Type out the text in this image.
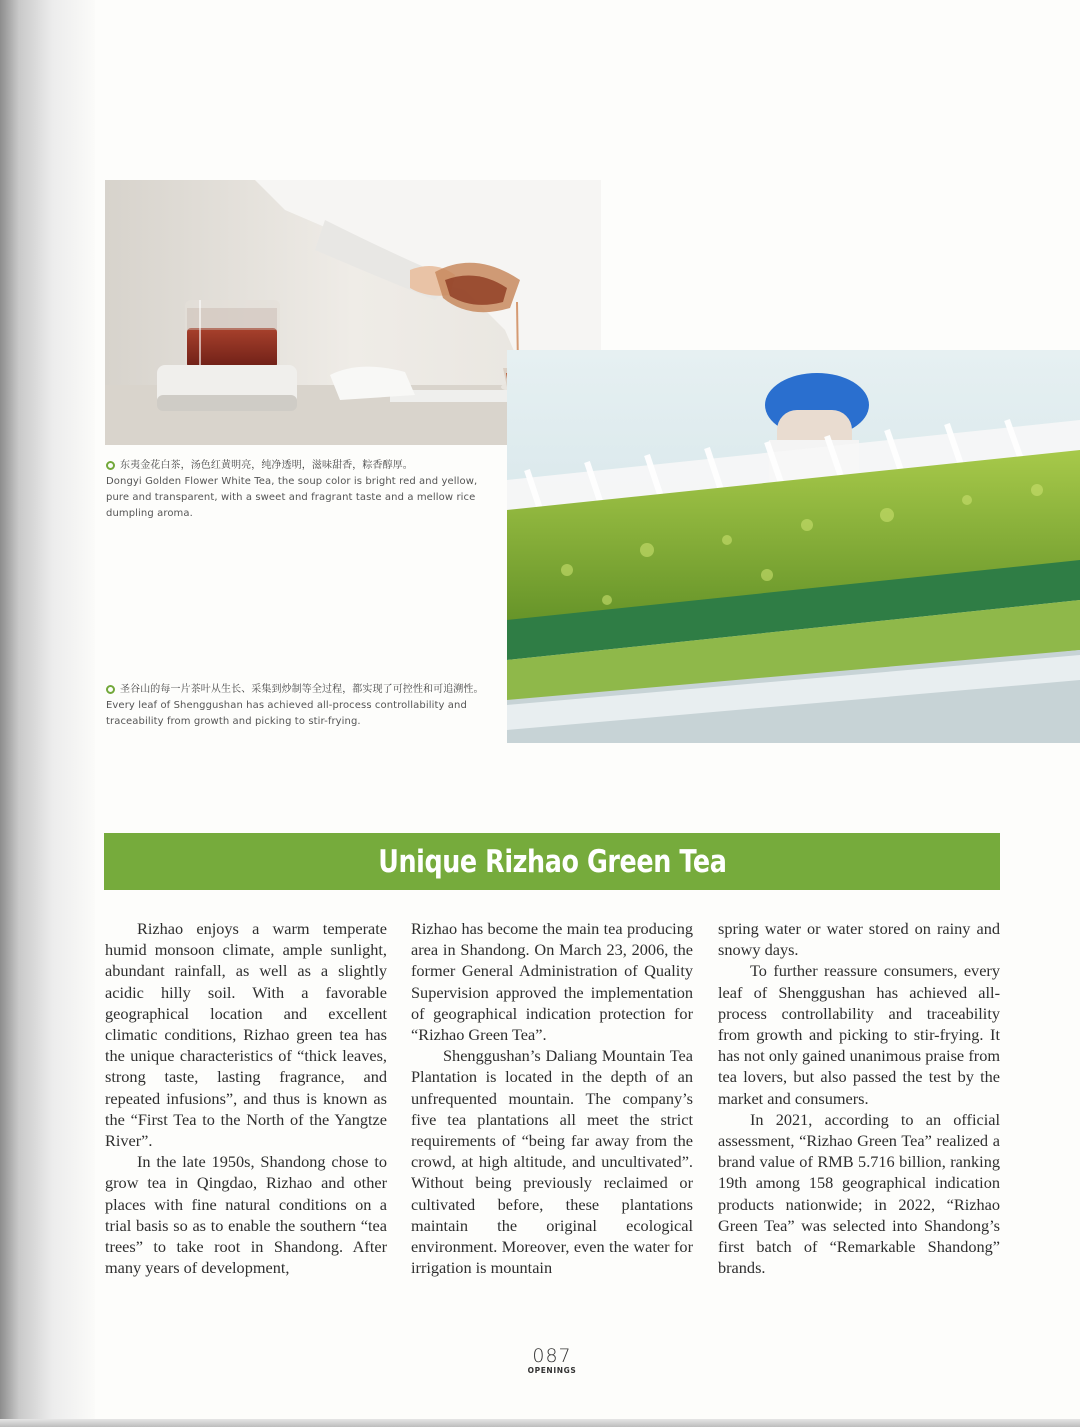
东夷金花白茶，汤色红黄明亮，纯净透明，滋味甜香，粽香醇厚。
Dongyi Golden Flower White Tea, the soup color is bright red and yellow, pure and transparent, with a sweet and fragrant taste and a mellow rice dumpling aroma.
圣谷山的每一片茶叶从生长、采集到炒制等全过程，都实现了可控性和可追溯性。
Every leaf of Shenggushan has achieved all-process controllability and traceability from growth and picking to stir-frying.
Unique Rizhao Green Tea

Rizhao enjoys a warm temperate humid monsoon climate, ample sunlight, abundant rainfall, as well as a slightly acidic hilly soil. With a favorable geographical location and excellent climatic conditions, Rizhao green tea has the unique characteristics of “thick leaves, strong taste, lasting fragrance, and repeated infusions”, and thus is known as the “First Tea to the North of the Yangtze River”.

In the late 1950s, Shandong chose to grow tea in Qingdao, Rizhao and other places with fine natural conditions on a trial basis so as to enable the southern “tea trees” to take root in Shandong. After many years of development,

Rizhao has become the main tea producing area in Shandong. On March 23, 2006, the former General Administration of Quality Supervision approved the implementation of geographical indication protection for “Rizhao Green Tea”.

Shenggushan’s Daliang Mountain Tea Plantation is located in the depth of an unfrequented mountain. The company’s five tea plantations all meet the strict requirements of “being far away from the crowd, at high altitude, and uncultivated”. Without being previously reclaimed or cultivated before, these plantations maintain the original ecological environment. Moreover, even the water for irrigation is mountain

spring water or water stored on rainy and snowy days.

To further reassure consumers, every leaf of Shenggushan has achieved all-process controllability and traceability from growth and picking to stir-frying. It has not only gained unanimous praise from tea lovers, but also passed the test by the market and consumers.

In 2021, according to an official assessment, “Rizhao Green Tea” realized a brand value of RMB 5.716 billion, ranking 19th among 158 geographical indication products nationwide; in 2022, “Rizhao Green Tea” was selected into Shandong’s first batch of “Remarkable Shandong” brands.

087
OPENINGS
